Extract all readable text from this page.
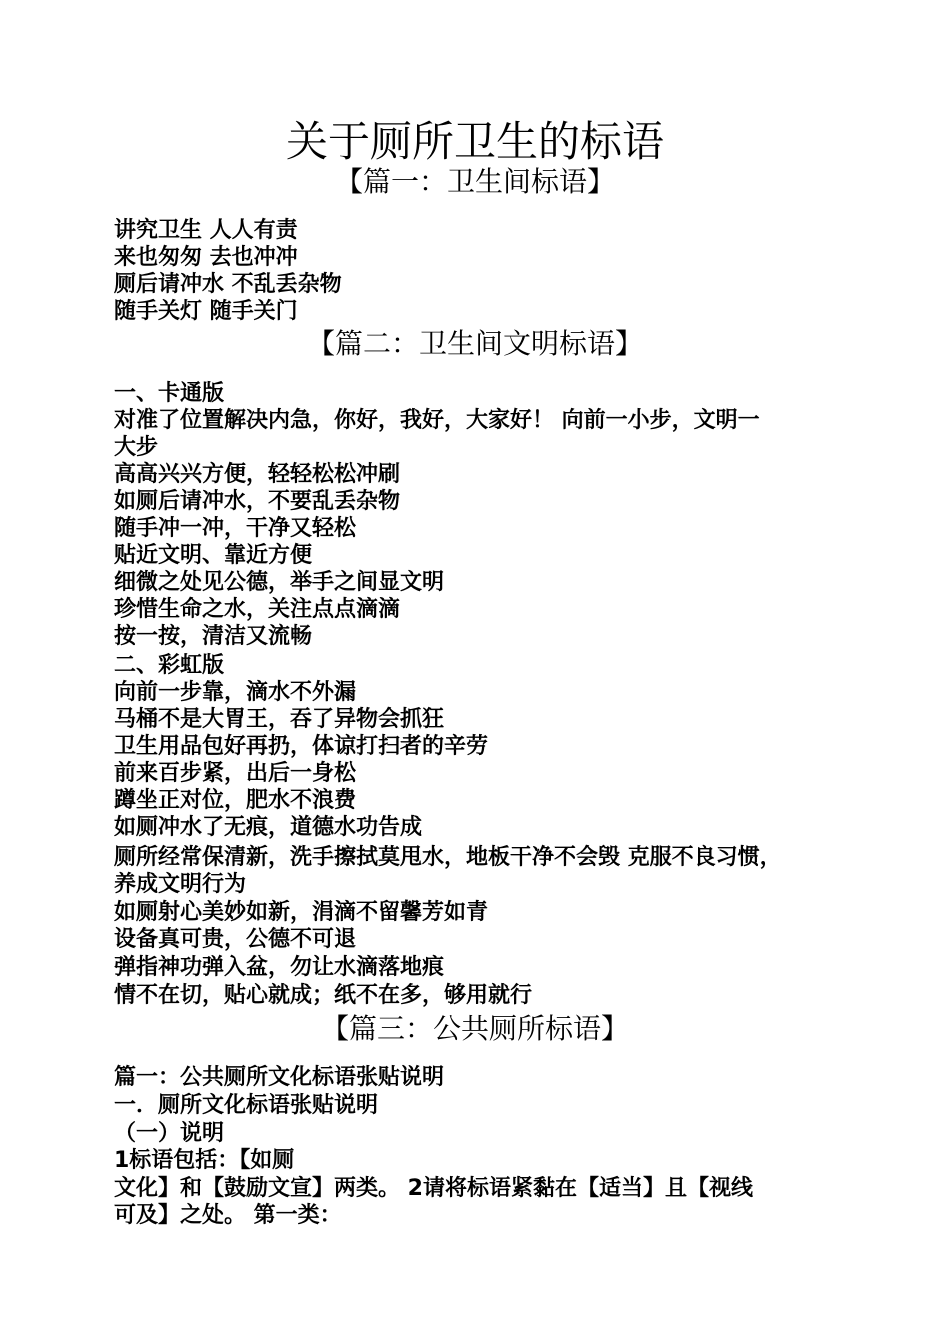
关于厕所卫生的标语
【篇一：卫生间标语】
讲究卫生 人人有责
来也匆匆 去也冲冲
厕后请冲水 不乱丢杂物
随手关灯 随手关门
【篇二：卫生间文明标语】
一、卡通版
对准了位置解决内急，你好，我好，大家好！ 向前一小步，文明一
大步
高高兴兴方便，轻轻松松冲刷
如厕后请冲水，不要乱丢杂物
随手冲一冲，干净又轻松
贴近文明、靠近方便
细微之处见公德，举手之间显文明
珍惜生命之水，关注点点滴滴
按一按，清洁又流畅
二、彩虹版
向前一步靠，滴水不外漏
马桶不是大胃王，吞了异物会抓狂
卫生用品包好再扔，体谅打扫者的辛劳
前来百步紧，出后一身松
蹲坐正对位，肥水不浪费
如厕冲水了无痕，道德水功告成
厕所经常保清新，洗手擦拭莫甩水，地板干净不会毁 克服不良习惯，
养成文明行为
如厕射心美妙如新，涓滴不留馨芳如青
设备真可贵，公德不可退
弹指神功弹入盆，勿让水滴落地痕
情不在切，贴心就成；纸不在多，够用就行
【篇三：公共厕所标语】
篇一：公共厕所文化标语张贴说明
一．厕所文化标语张贴说明
（一）说明
1标语包括：【如厕
文化】和【鼓励文宣】两类。 2请将标语紧黏在【适当】且【视线
可及】之处。 第一类：
